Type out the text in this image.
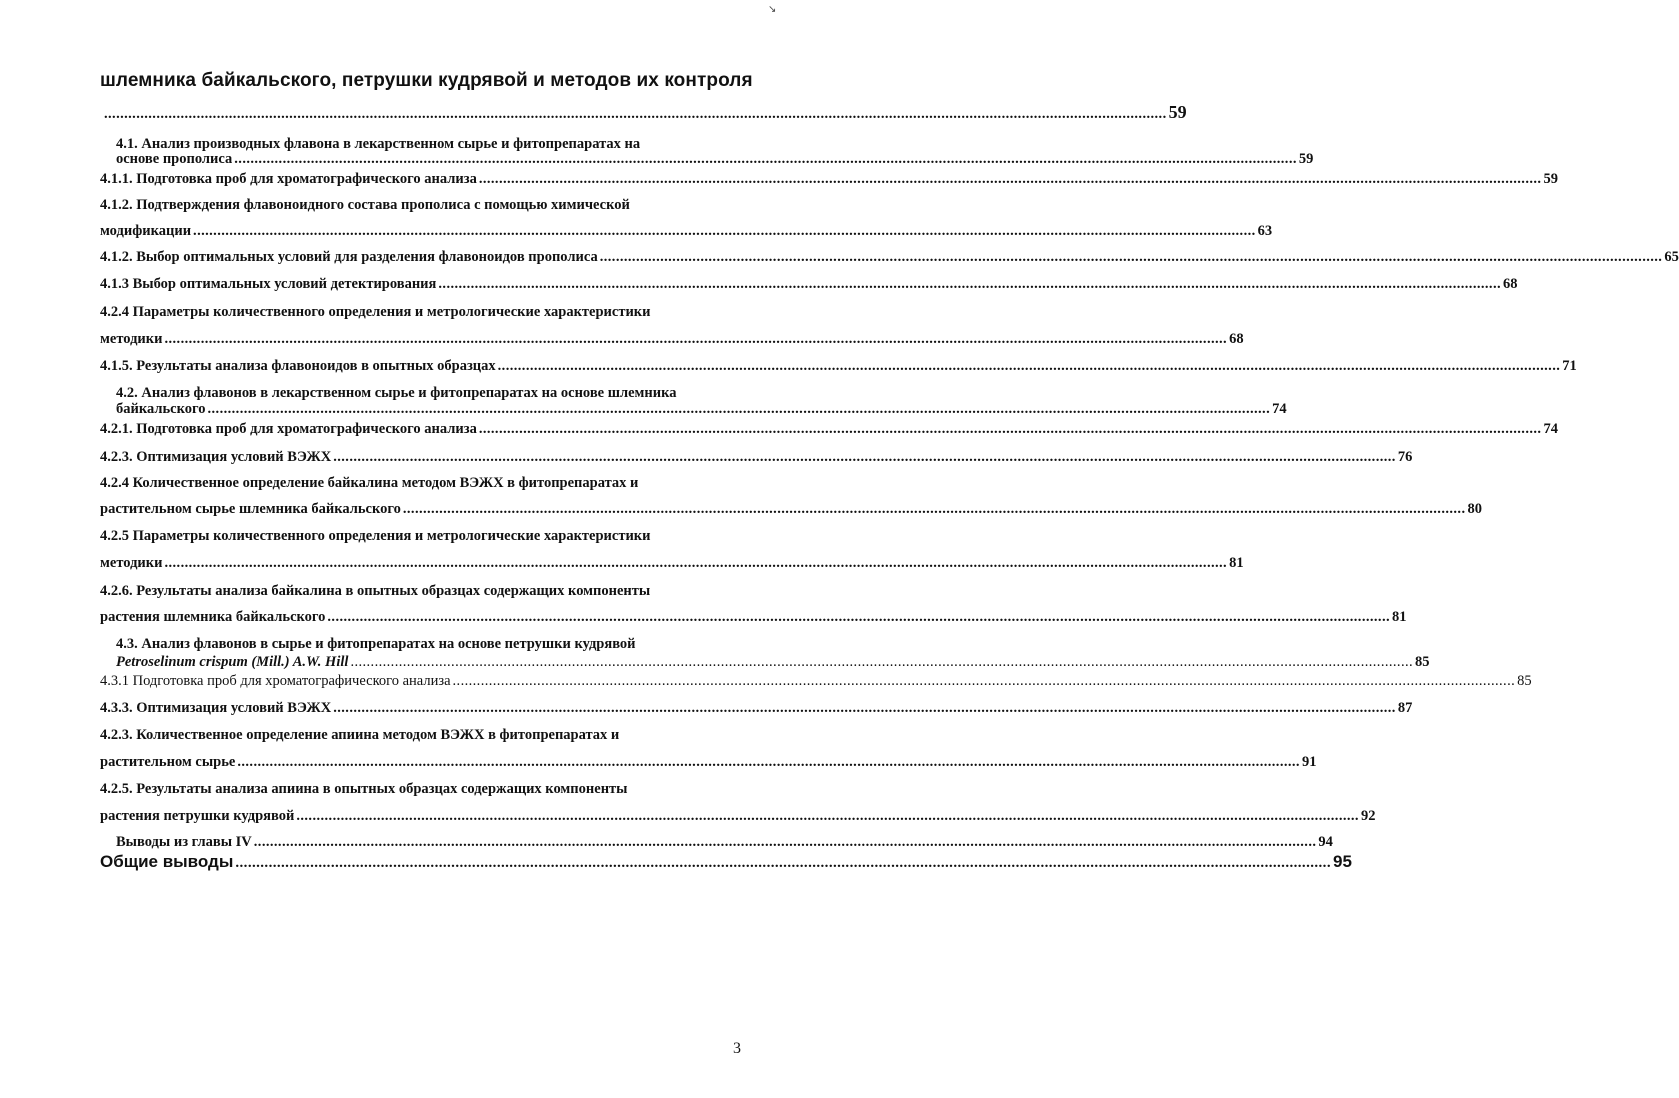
↘
шлемника байкальского, петрушки кудрявой и методов их контроля
.....
59
4.1. Анализ производных флавона в лекарственном сырье и фитопрепаратах на
основе прополиса .....	59
4.1.1. Подготовка проб для хроматографического анализа .....	59
4.1.2. Подтверждения флавоноидного состава прополиса с помощью химической
модификации .....	63
4.1.2. Выбор оптимальных условий для разделения флавоноидов прополиса .....	65
4.1.3 Выбор оптимальных условий детектирования .....	68
4.2.4 Параметры количественного определения и метрологические характеристики
методики .....	68
4.1.5. Результаты анализа флавоноидов в опытных образцах .....	71
4.2. Анализ флавонов в лекарственном сырье и фитопрепаратах на основе шлемника
байкальского .....	74
4.2.1. Подготовка проб для хроматографического анализа .....	74
4.2.3. Оптимизация условий ВЭЖХ .....	76
4.2.4 Количественное определение байкалина методом ВЭЖХ в фитопрепаратах и
растительном сырье шлемника байкальского .....	80
4.2.5 Параметры количественного определения и метрологические характеристики
методики .....	81
4.2.6. Результаты анализа байкалина в опытных образцах содержащих компоненты
растения шлемника байкальского .....	81
4.3. Анализ флавонов в сырье и фитопрепаратах на основе петрушки кудрявой
Petroselinum crispum (Mill.) A.W. Hill .....	85
4.3.1 Подготовка проб для хроматографического анализа .....	85
4.3.3. Оптимизация условий ВЭЖХ .....	87
4.2.3. Количественное определение апиина методом ВЭЖХ в фитопрепаратах и
растительном сырье .....	91
4.2.5. Результаты анализа апиина в опытных образцах содержащих компоненты
растения петрушки кудрявой .....	92
Выводы из главы IV .....	94
Общие выводы .....	95
3
